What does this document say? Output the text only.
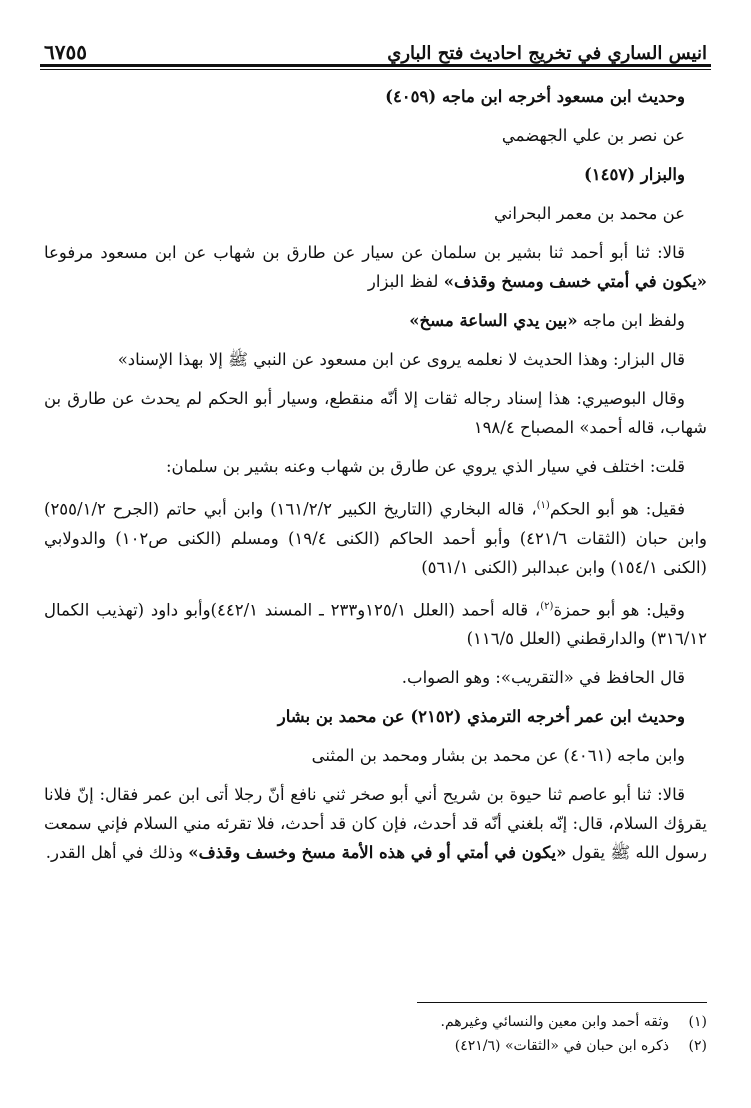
انيس الساري في تخريج احاديث فتح الباري
٦٧٥٥

وحديث ابن مسعود أخرجه ابن ماجه (٤٠٥٩)

عن نصر بن علي الجهضمي

والبزار (١٤٥٧)

عن محمد بن معمر البحراني

قالا: ثنا أبو أحمد ثنا بشير بن سلمان عن سيار عن طارق بن شهاب عن ابن مسعود مرفوعا «يكون في أمتي خسف ومسخ وقذف» لفظ البزار

ولفظ ابن ماجه «بين يدي الساعة مسخ»

قال البزار: وهذا الحديث لا نعلمه يروى عن ابن مسعود عن النبي ﷺ إلا بهذا الإسناد»

وقال البوصيري: هذا إسناد رجاله ثقات إلا أنّه منقطع، وسيار أبو الحكم لم يحدث عن طارق بن شهاب، قاله أحمد» المصباح ١٩٨/٤

قلت: اختلف في سيار الذي يروي عن طارق بن شهاب وعنه بشير بن سلمان:

فقيل: هو أبو الحكم$^{(١)}$، قاله البخاري (التاريخ الكبير ١٦١/٢/٢) وابن أبي حاتم (الجرح ٢٥٥/١/٢) وابن حبان (الثقات ٤٢١/٦) وأبو أحمد الحاكم (الكنى ١٩/٤) ومسلم (الكنى ص١٠٢) والدولابي (الكنى ١٥٤/١) وابن عبدالبر (الكنى ٥٦١/١)

وقيل: هو أبو حمزة$^{(٢)}$، قاله أحمد (العلل ١٢٥/١و٢٣٣ ـ المسند ٤٤٢/١)وأبو داود (تهذيب الكمال ٣١٦/١٢) والدارقطني (العلل ١١٦/٥)

قال الحافظ في «التقريب»: وهو الصواب.

وحديث ابن عمر أخرجه الترمذي (٢١٥٢) عن محمد بن بشار

وابن ماجه (٤٠٦١) عن محمد بن بشار ومحمد بن المثنى

قالا: ثنا أبو عاصم ثنا حيوة بن شريح أني أبو صخر ثني نافع أنّ رجلا أتى ابن عمر فقال: إنّ فلانا يقرؤك السلام، قال: إنّه بلغني أنّه قد أحدث، فإن كان قد أحدث، فلا تقرئه مني السلام فإني سمعت رسول الله ﷺ يقول «يكون في أمتي أو في هذه الأمة مسخ وخسف وقذف» وذلك في أهل القدر.

(١)
وثقه أحمد وابن معين والنسائي وغيرهم.
(٢)
ذكره ابن حبان في «الثقات» (٤٢١/٦)
